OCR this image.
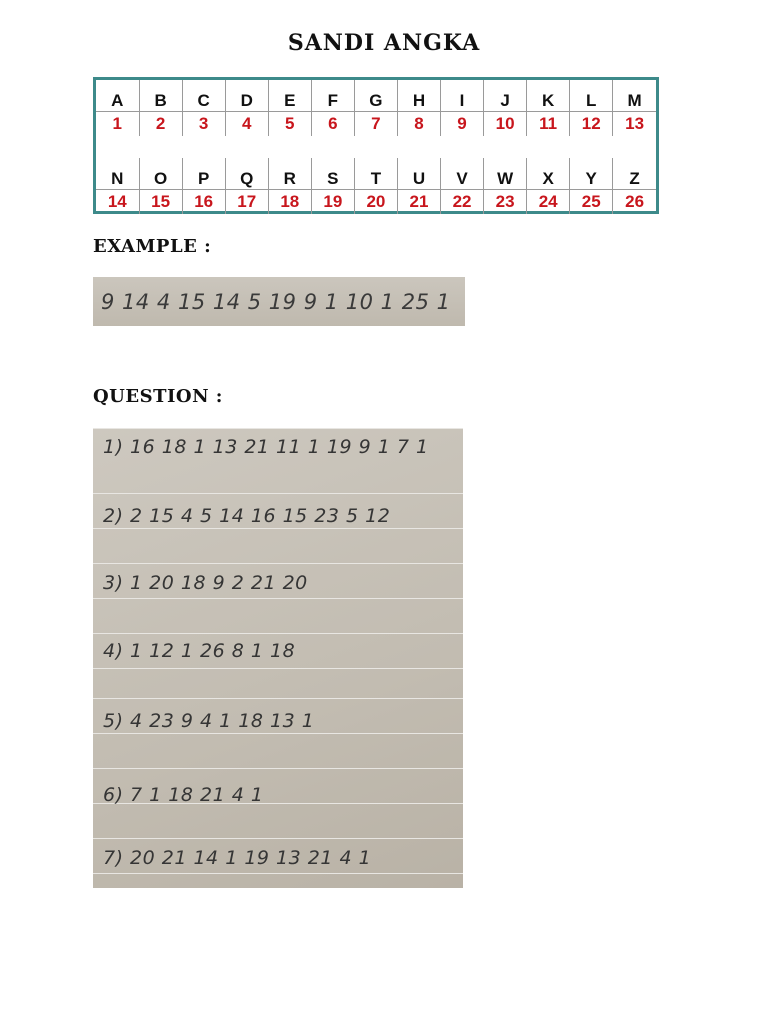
SANDI ANGKA
A	B	C	D	E	F	G	H	I	J	K	L	M
1	2	3	4	5	6	7	8	9	10	11	12	13

N	O	P	Q	R	S	T	U	V	W	X	Y	Z
14	15	16	17	18	19	20	21	22	23	24	25	26
EXAMPLE :
9 14 4 15 14 5 19 9 1 10 1 25 1
QUESTION :
1) 16 18 1 13 21 11 1 19 9 1 7 1
2) 2 15 4 5 14 16 15 23 5 12
3) 1 20 18 9 2 21 20
4) 1 12 1 26 8 1 18
5) 4 23 9 4 1 18 13 1
6) 7 1 18 21 4 1
7) 20 21 14 1 19 13 21 4 1
